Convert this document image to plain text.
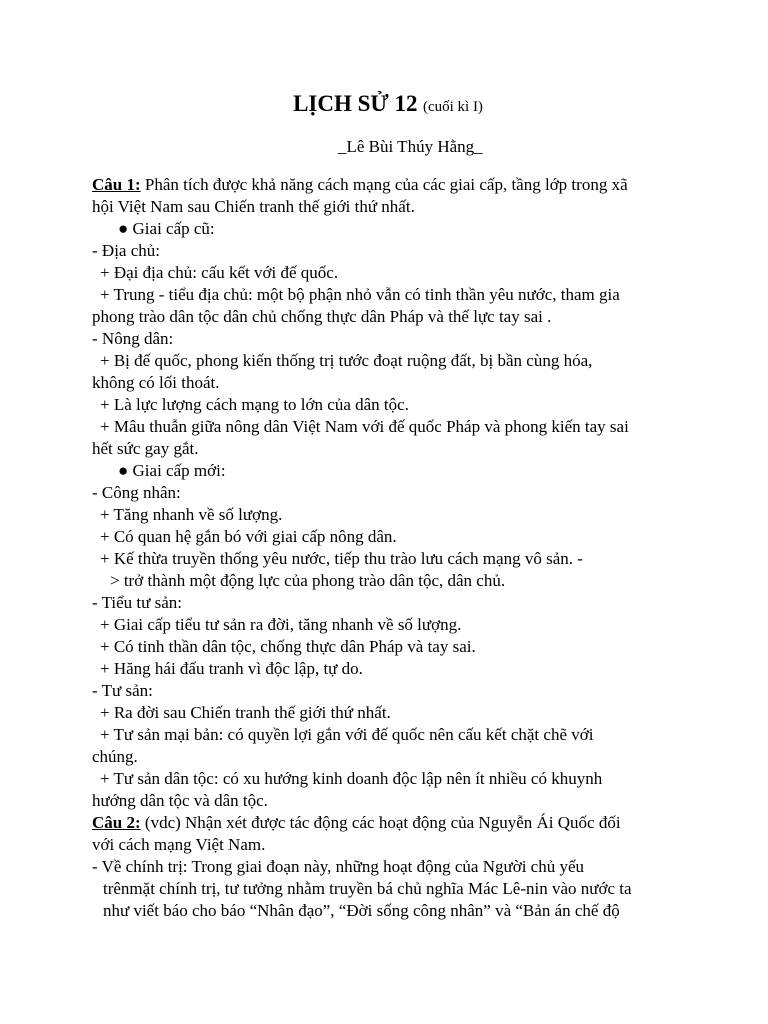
LỊCH SỬ 12 (cuối kì I)
_Lê Bùi Thúy Hằng_
Câu 1: Phân tích được khả năng cách mạng của các giai cấp, tầng lớp trong xã
hội Việt Nam sau Chiến tranh thế giới thứ nhất.
● Giai cấp cũ:
- Địa chủ:
+ Đại địa chủ: cấu kết với đế quốc.
+ Trung - tiểu địa chủ: một bộ phận nhỏ vẫn có tinh thần yêu nước, tham gia
phong trào dân tộc dân chủ chống thực dân Pháp và thế lực tay sai .
- Nông dân:
+ Bị đế quốc, phong kiến thống trị tước đoạt ruộng đất, bị bần cùng hóa,
không có lối thoát.
+ Là lực lượng cách mạng to lớn của dân tộc.
+ Mâu thuẫn giữa nông dân Việt Nam với đế quốc Pháp và phong kiến tay sai
hết sức gay gắt.
● Giai cấp mới:
- Công nhân:
+ Tăng nhanh về số lượng.
+ Có quan hệ gắn bó với giai cấp nông dân.
+ Kế thừa truyền thống yêu nước, tiếp thu trào lưu cách mạng vô sản. -
> trở thành một động lực của phong trào dân tộc, dân chủ.
- Tiểu tư sản:
+ Giai cấp tiểu tư sản ra đời, tăng nhanh về số lượng.
+ Có tinh thần dân tộc, chống thực dân Pháp và tay sai.
+ Hăng hái đấu tranh vì độc lập, tự do.
- Tư sản:
+ Ra đời sau Chiến tranh thế giới thứ nhất.
+ Tư sản mại bản: có quyền lợi gắn với đế quốc nên cấu kết chặt chẽ với
chúng.
+ Tư sản dân tộc: có xu hướng kinh doanh độc lập nên ít nhiều có khuynh
hướng dân tộc và dân tộc.
Câu 2: (vdc) Nhận xét được tác động các hoạt động của Nguyễn Ái Quốc đối
với cách mạng Việt Nam.
- Về chính trị: Trong giai đoạn này, những hoạt động của Người chủ yếu
trênmặt chính trị, tư tưởng nhằm truyền bá chủ nghĩa Mác Lê-nin vào nước ta
như viết báo cho báo “Nhân đạo”, “Đời sống công nhân” và “Bản án chế độ
